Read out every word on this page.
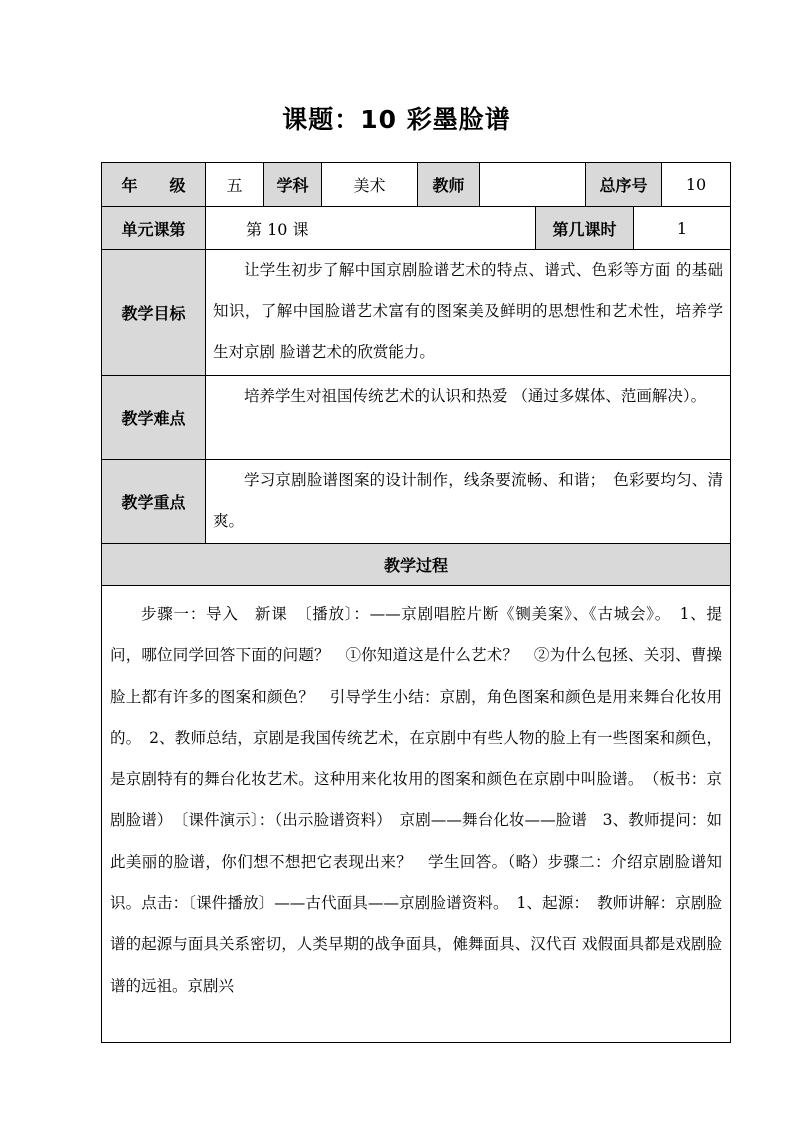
课题：10 彩墨脸谱
年　　级	五	学科	美术	教师	总序号	10
单元课第	第 10 课	第几课时	1
教学目标
让学生初步了解中国京剧脸谱艺术的特点、谱式、色彩等方面 的基础知识，了解中国脸谱艺术富有的图案美及鲜明的思想性和艺术性，培养学生对京剧 脸谱艺术的欣赏能力。
教学难点
培养学生对祖国传统艺术的认识和热爱 （通过多媒体、范画解决）。
教学重点
学习京剧脸谱图案的设计制作，线条要流畅、和谐；　色彩要均匀、清爽。
教学过程
步骤一：导入　新课　〔播放〕：——京剧唱腔片断《铡美案》、《古城会》。　1、提问，哪位同学回答下面的问题？　①你知道这是什么艺术？　②为什么包拯、关羽、曹操脸上都有许多的图案和颜色？　引导学生小结：京剧，角色图案和颜色是用来舞台化妆用的。　2、教师总结，京剧是我国传统艺术，在京剧中有些人物的脸上有一些图案和颜色，是京剧特有的舞台化妆艺术。这种用来化妆用的图案和颜色在京剧中叫脸谱。　（板书：京剧脸谱）　〔课件演示〕：（出示脸谱资料）　京剧——舞台化妆——脸谱　3、教师提问：如此美丽的脸谱，你们想不想把它表现出来？　学生回答。（略）步骤二：介绍京剧脸谱知识。点击：〔课件播放〕——古代面具——京剧脸谱资料。　1、起源：　教师讲解：京剧脸谱的起源与面具关系密切，人类早期的战争面具，傩舞面具、汉代百 戏假面具都是戏剧脸谱的远祖。京剧兴
